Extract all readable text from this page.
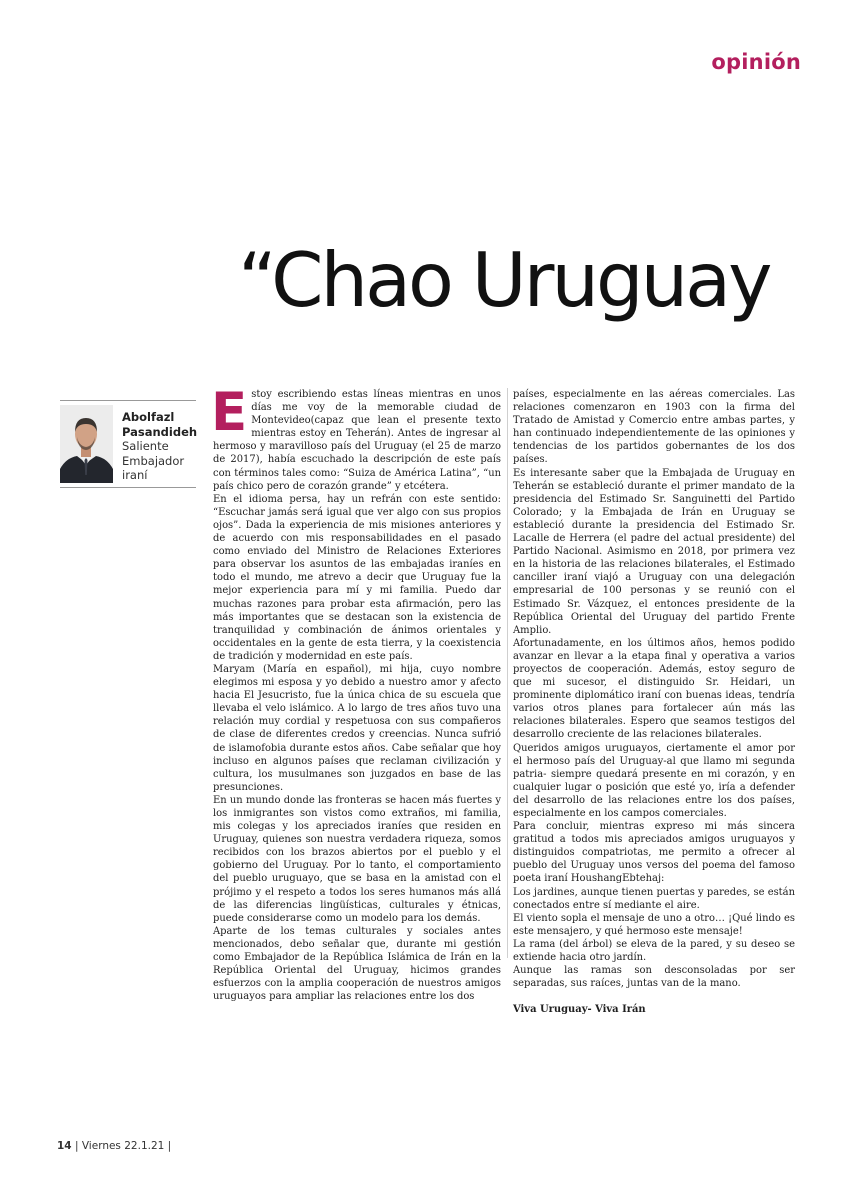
opinión
“Chao Uruguay
Abolfazl
Pasandideh
Saliente
Embajador
iraní

Estoy escribiendo estas líneas mientras en unos días me voy de la memorable ciudad de Montevideo(capaz que lean el presente texto mientras estoy en Teherán). Antes de ingresar al hermoso y maravilloso país del Uruguay (el 25 de marzo de 2017), había escuchado la descripción de este país con términos tales como: “Suiza de América Latina”, “un país chico pero de corazón grande” y etcétera.

En el idioma persa, hay un refrán con este sentido: “Escuchar jamás será igual que ver algo con sus propios ojos”. Dada la experiencia de mis misiones anteriores y de acuerdo con mis responsabilidades en el pasado como enviado del Ministro de Relaciones Exteriores para observar los asuntos de las embajadas iraníes en todo el mundo, me atrevo a decir que Uruguay fue la mejor experiencia para mí y mi familia. Puedo dar muchas razones para probar esta afirmación, pero las más importantes que se destacan son la existencia de tranquilidad y combinación de ánimos orientales y occidentales en la gente de esta tierra, y la coexistencia de tradición y modernidad en este país.

Maryam (María en español), mi hija, cuyo nombre elegimos mi esposa y yo debido a nuestro amor y afecto hacia El Jesucristo, fue la única chica de su escuela que llevaba el velo islámico. A lo largo de tres años tuvo una relación muy cordial y respetuosa con sus compañeros de clase de diferentes credos y creencias. Nunca sufrió de islamofobia durante estos años. Cabe señalar que hoy incluso en algunos países que reclaman civilización y cultura, los musulmanes son juzgados en base de las presunciones.

En un mundo donde las fronteras se hacen más fuertes y los inmigrantes son vistos como extraños, mi familia, mis colegas y los apreciados iraníes que residen en Uruguay, quienes son nuestra verdadera riqueza, somos recibidos con los brazos abiertos por el pueblo y el gobierno del Uruguay. Por lo tanto, el comportamiento del pueblo uruguayo, que se basa en la amistad con el prójimo y el respeto a todos los seres humanos más allá de las diferencias lingüísticas, culturales y étnicas, puede considerarse como un modelo para los demás.

Aparte de los temas culturales y sociales antes mencionados, debo señalar que, durante mi gestión como Embajador de la República Islámica de Irán en la República Oriental del Uruguay, hicimos grandes esfuerzos con la amplia cooperación de nuestros amigos uruguayos para ampliar las relaciones entre los dos

países, especialmente en las aéreas comerciales. Las relaciones comenzaron en 1903 con la firma del Tratado de Amistad y Comercio entre ambas partes, y han continuado independientemente de las opiniones y tendencias de los partidos gobernantes de los dos países.

Es interesante saber que la Embajada de Uruguay en Teherán se estableció durante el primer mandato de la presidencia del Estimado Sr. Sanguinetti del Partido Colorado; y la Embajada de Irán en Uruguay se estableció durante la presidencia del Estimado Sr. Lacalle de Herrera (el padre del actual presidente) del Partido Nacional. Asimismo en 2018, por primera vez en la historia de las relaciones bilaterales, el Estimado canciller iraní viajó a Uruguay con una delegación empresarial de 100 personas y se reunió con el Estimado Sr. Vázquez, el entonces presidente de la República Oriental del Uruguay del partido Frente Amplio.

Afortunadamente, en los últimos años, hemos podido avanzar en llevar a la etapa final y operativa a varios proyectos de cooperación. Además, estoy seguro de que mi sucesor, el distinguido Sr. Heidari, un prominente diplomático iraní con buenas ideas, tendría varios otros planes para fortalecer aún más las relaciones bilaterales. Espero que seamos testigos del desarrollo creciente de las relaciones bilaterales.

Queridos amigos uruguayos, ciertamente el amor por el hermoso país del Uruguay-al que llamo mi segunda patria- siempre quedará presente en mi corazón, y en cualquier lugar o posición que esté yo, iría a defender del desarrollo de las relaciones entre los dos países, especialmente en los campos comerciales.

Para concluir, mientras expreso mi más sincera gratitud a todos mis apreciados amigos uruguayos y distinguidos compatriotas, me permito a ofrecer al pueblo del Uruguay unos versos del poema del famoso poeta iraní HoushangEbtehaj:

Los jardines, aunque tienen puertas y paredes, se están conectados entre sí mediante el aire.

El viento sopla el mensaje de uno a otro… ¡Qué lindo es este mensajero, y qué hermoso este mensaje!

La rama (del árbol) se eleva de la pared, y su deseo se extiende hacia otro jardín.

Aunque las ramas son desconsoladas por ser separadas, sus raíces, juntas van de la mano.

Viva Uruguay- Viva Irán

14 | Viernes 22.1.21 |
